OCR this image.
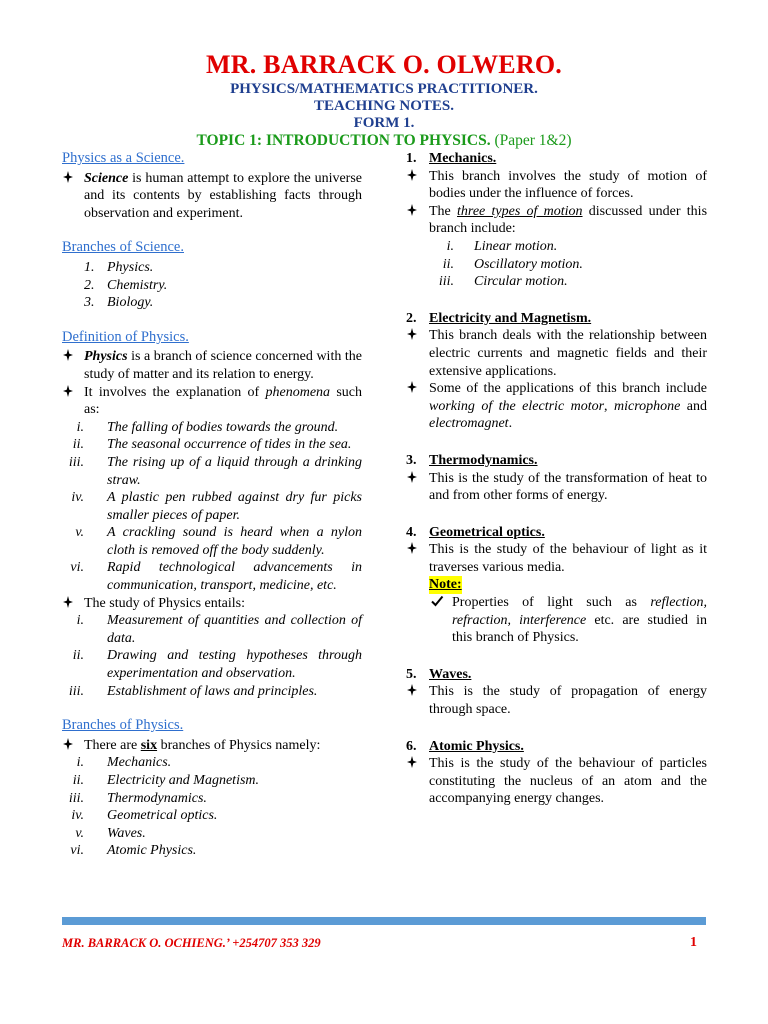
MR. BARRACK O. OLWERO.
PHYSICS/MATHEMATICS PRACTITIONER.
TEACHING NOTES.
FORM 1.
TOPIC 1: INTRODUCTION TO PHYSICS. (Paper 1&2)
Physics as a Science.
Science is human attempt to explore the universe and its contents by establishing facts through observation and experiment.
Branches of Science.
1. Physics.
2. Chemistry.
3. Biology.
Definition of Physics.
Physics is a branch of science concerned with the study of matter and its relation to energy.
It involves the explanation of phenomena such as:
i. The falling of bodies towards the ground.
ii. The seasonal occurrence of tides in the sea.
iii. The rising up of a liquid through a drinking straw.
iv. A plastic pen rubbed against dry fur picks smaller pieces of paper.
v. A crackling sound is heard when a nylon cloth is removed off the body suddenly.
vi. Rapid technological advancements in communication, transport, medicine, etc.
The study of Physics entails:
i. Measurement of quantities and collection of data.
ii. Drawing and testing hypotheses through experimentation and observation.
iii. Establishment of laws and principles.
Branches of Physics.
There are six branches of Physics namely:
i. Mechanics.
ii. Electricity and Magnetism.
iii. Thermodynamics.
iv. Geometrical optics.
v. Waves.
vi. Atomic Physics.
1. Mechanics.
This branch involves the study of motion of bodies under the influence of forces.
The three types of motion discussed under this branch include:
i. Linear motion.
ii. Oscillatory motion.
iii. Circular motion.
2. Electricity and Magnetism.
This branch deals with the relationship between electric currents and magnetic fields and their extensive applications.
Some of the applications of this branch include working of the electric motor, microphone and electromagnet.
3. Thermodynamics.
This is the study of the transformation of heat to and from other forms of energy.
4. Geometrical optics.
This is the study of the behaviour of light as it traverses various media.
Note:
Properties of light such as reflection, refraction, interference etc. are studied in this branch of Physics.
5. Waves.
This is the study of propagation of energy through space.
6. Atomic Physics.
This is the study of the behaviour of particles constituting the nucleus of an atom and the accompanying energy changes.
MR. BARRACK O. OCHIENG.’ +254707 353 329	1
